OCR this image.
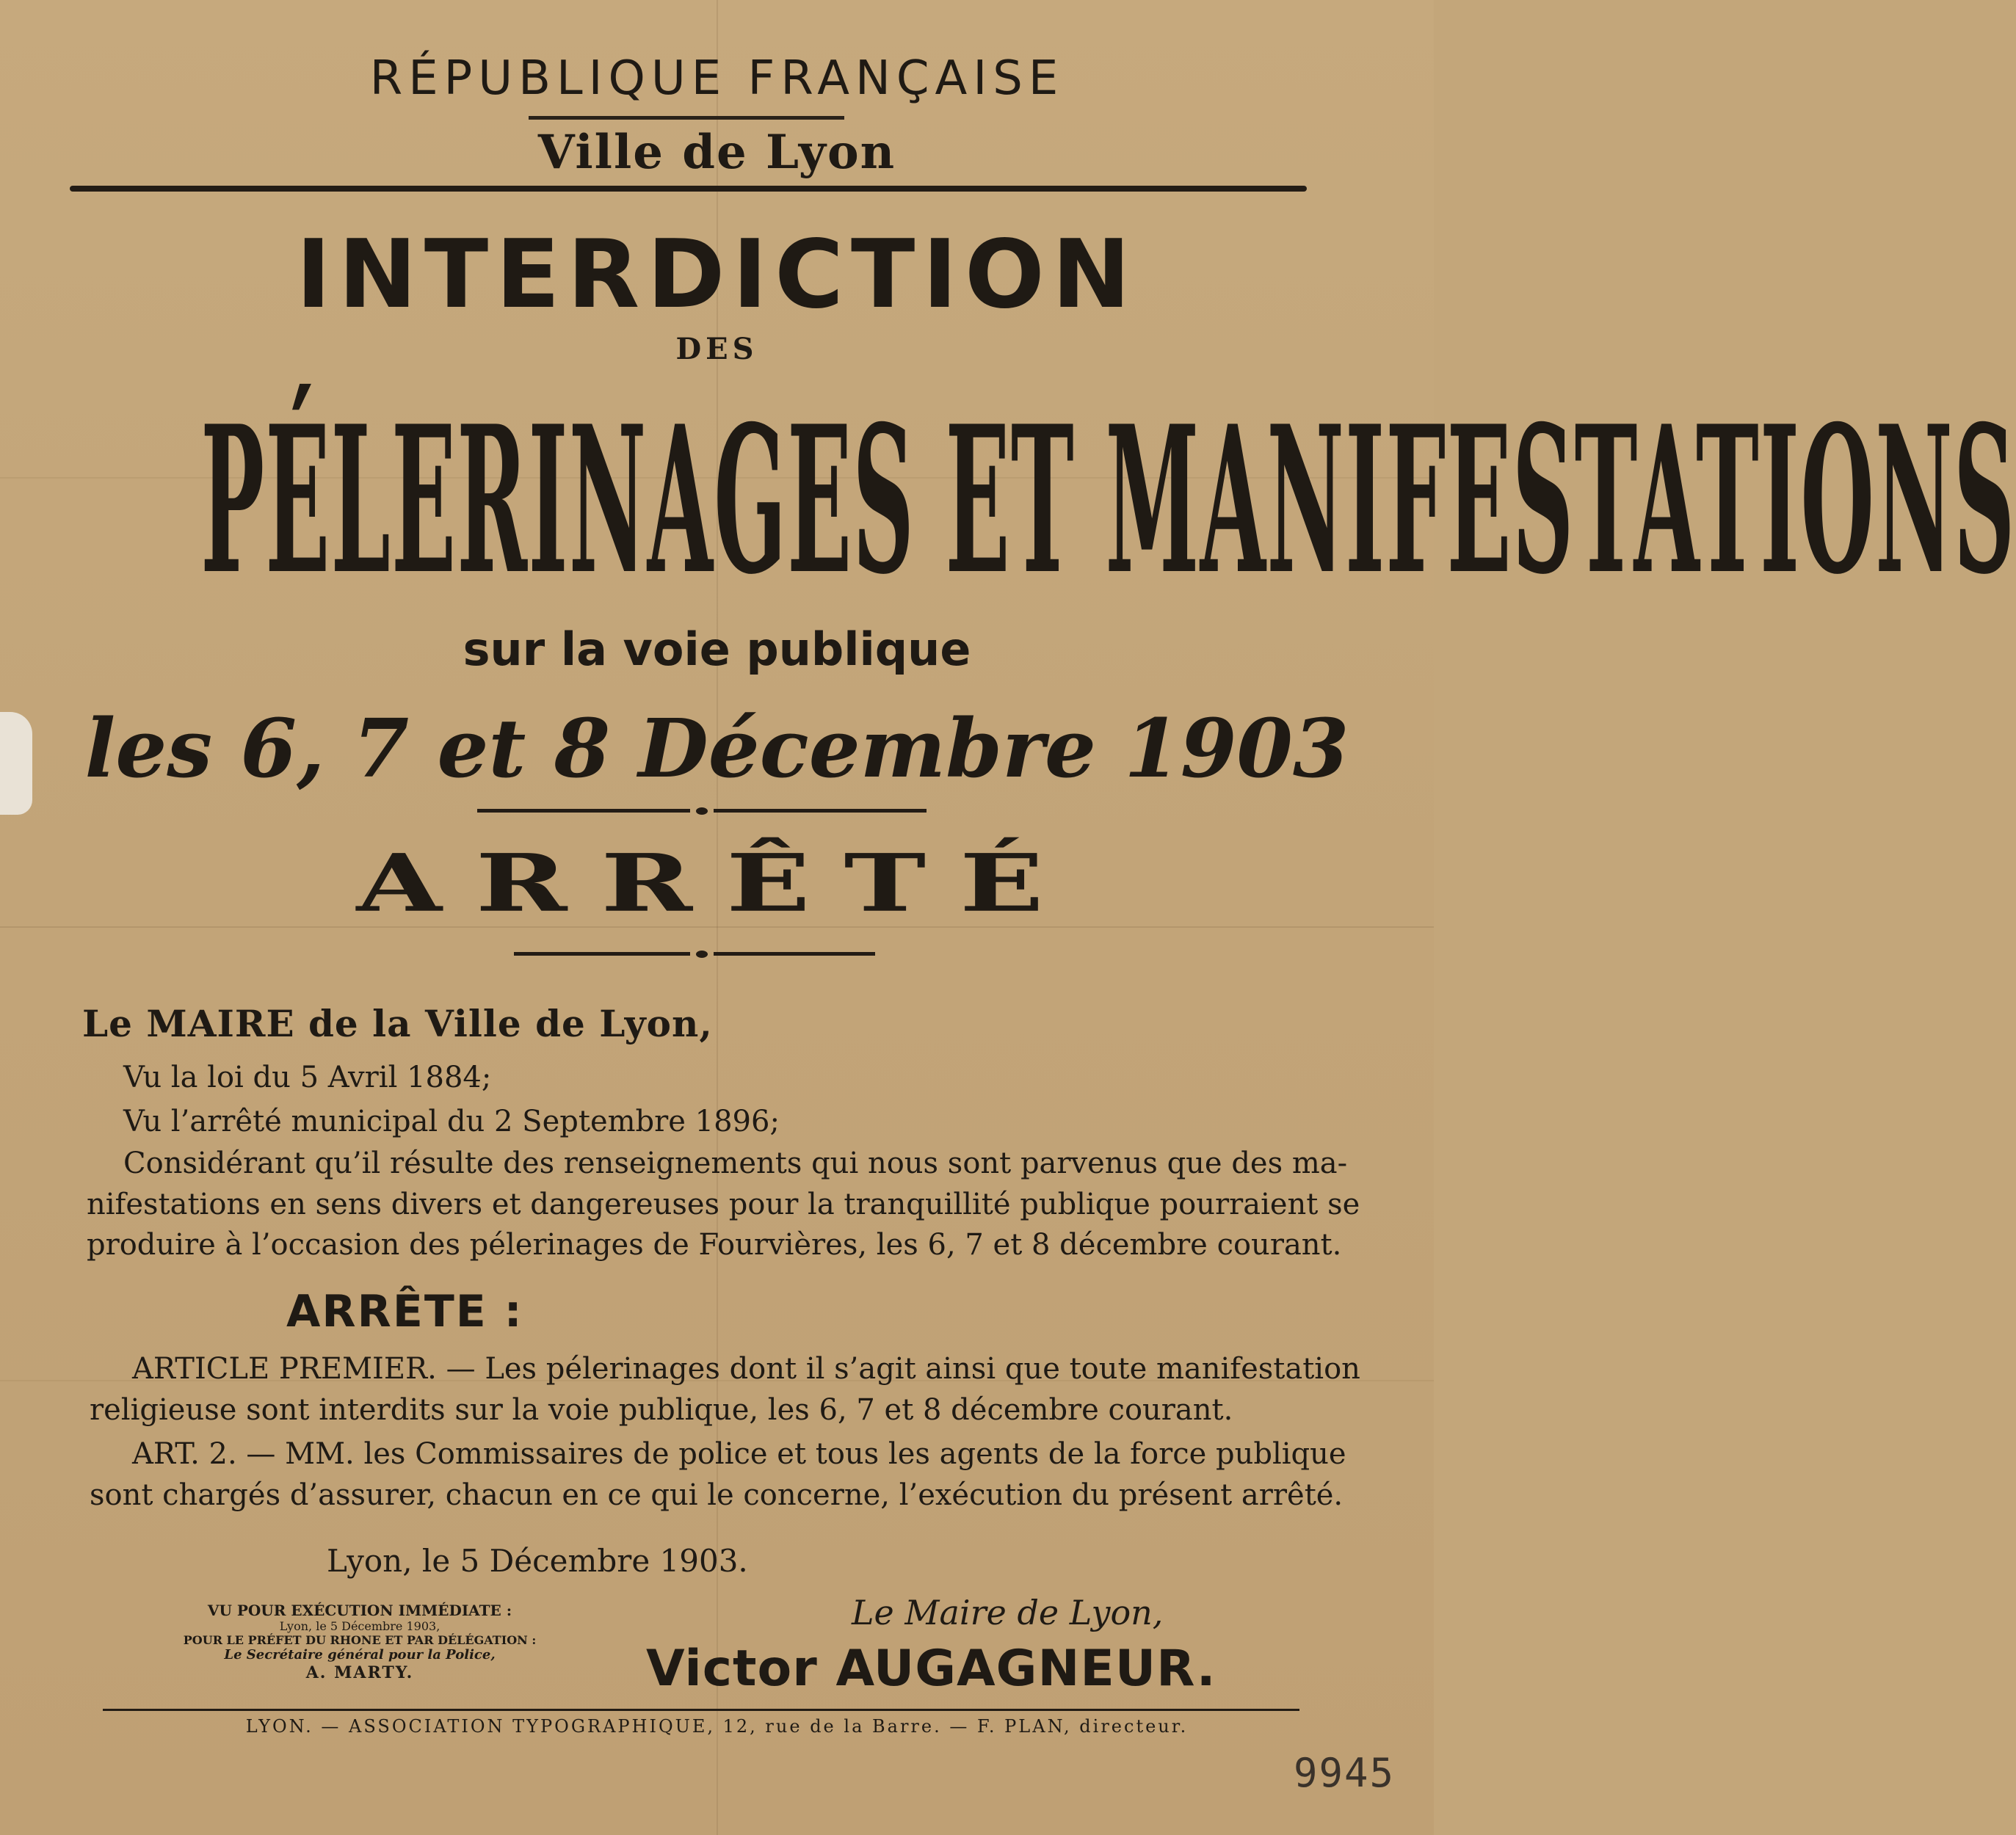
RÉPUBLIQUE FRANÇAISE
Ville de Lyon
INTERDICTION
DES
PÉLERINAGES ET MANIFESTATIONS
sur la voie publique
les 6, 7 et 8 Décembre 1903
ARRÊTÉ
Le MAIRE de la Ville de Lyon,
Vu la loi du 5 Avril 1884;
Vu l’arrêté municipal du 2 Septembre 1896;
Considérant qu’il résulte des renseignements qui nous sont parvenus que des ma-
nifestations en sens divers et dangereuses pour la tranquillité publique pourraient se
produire à l’occasion des pélerinages de Fourvières, les 6, 7 et 8 décembre courant.
ARRÊTE :
ARTICLE PREMIER. — Les pélerinages dont il s’agit ainsi que toute manifestation
religieuse sont interdits sur la voie publique, les 6, 7 et 8 décembre courant.
ART. 2. — MM. les Commissaires de police et tous les agents de la force publique
sont chargés d’assurer, chacun en ce qui le concerne, l’exécution du présent arrêté.
Lyon, le 5 Décembre 1903.
VU POUR EXÉCUTION IMMÉDIATE :
Lyon, le 5 Décembre 1903,
POUR LE PRÉFET DU RHONE ET PAR DÉLÉGATION :
Le Secrétaire général pour la Police,
A. MARTY.
Le Maire de Lyon,
Victor AUGAGNEUR.
LYON. — ASSOCIATION TYPOGRAPHIQUE, 12, rue de la Barre. — F. PLAN, directeur.
9945
